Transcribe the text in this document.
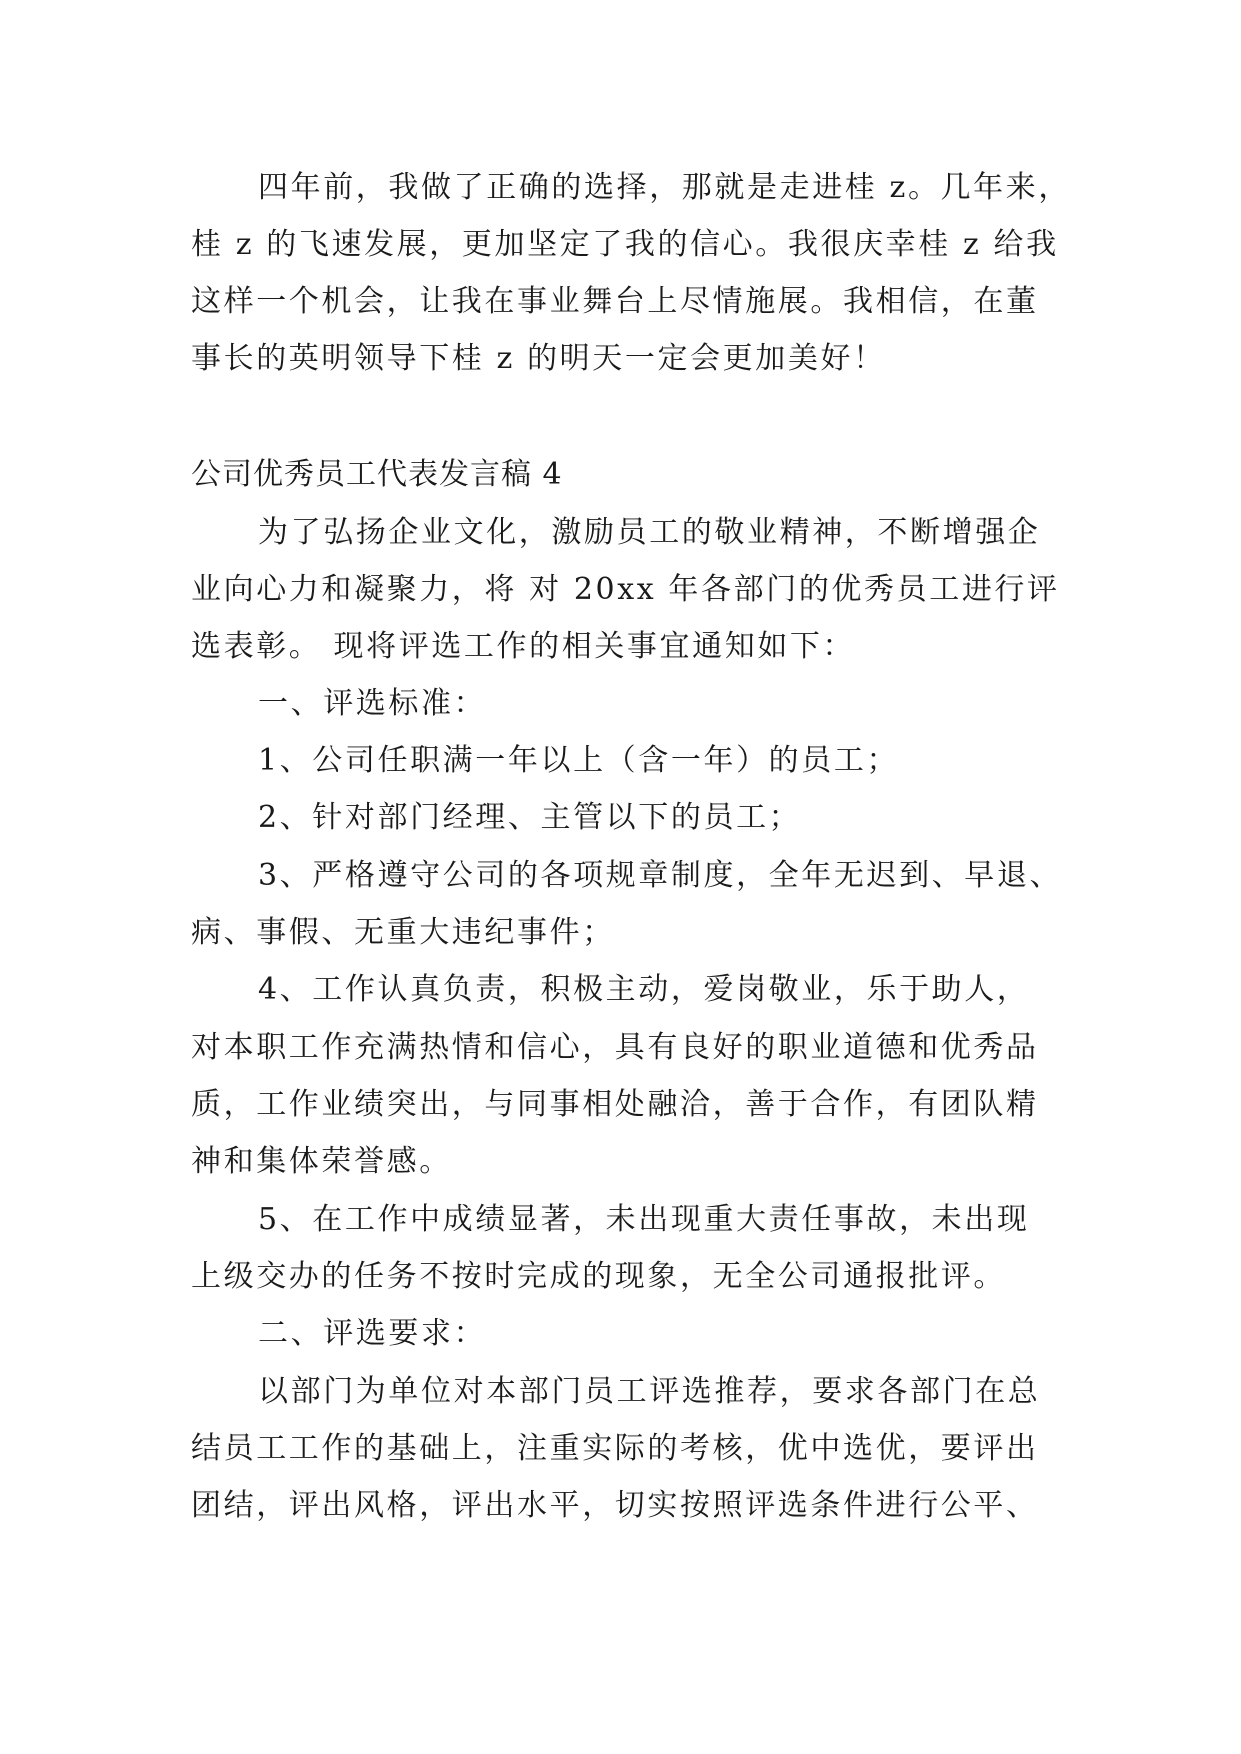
四年前，我做了正确的选择，那就是走进桂 z。几年来，
桂 z 的飞速发展，更加坚定了我的信心。我很庆幸桂 z 给我
这样一个机会，让我在事业舞台上尽情施展。我相信，在董
事长的英明领导下桂 z 的明天一定会更加美好！
公司优秀员工代表发言稿 4
为了弘扬企业文化，激励员工的敬业精神，不断增强企
业向心力和凝聚力，将 对 20xx 年各部门的优秀员工进行评
选表彰。 现将评选工作的相关事宜通知如下：
一、评选标准：
1、公司任职满一年以上（含一年）的员工；
2、针对部门经理、主管以下的员工；
3、严格遵守公司的各项规章制度，全年无迟到、早退、
病、事假、无重大违纪事件；
4、工作认真负责，积极主动，爱岗敬业，乐于助人，
对本职工作充满热情和信心，具有良好的职业道德和优秀品
质，工作业绩突出，与同事相处融洽，善于合作，有团队精
神和集体荣誉感。
5、在工作中成绩显著，未出现重大责任事故，未出现
上级交办的任务不按时完成的现象，无全公司通报批评。
二、评选要求：
以部门为单位对本部门员工评选推荐，要求各部门在总
结员工工作的基础上，注重实际的考核，优中选优，要评出
团结，评出风格，评出水平，切实按照评选条件进行公平、
